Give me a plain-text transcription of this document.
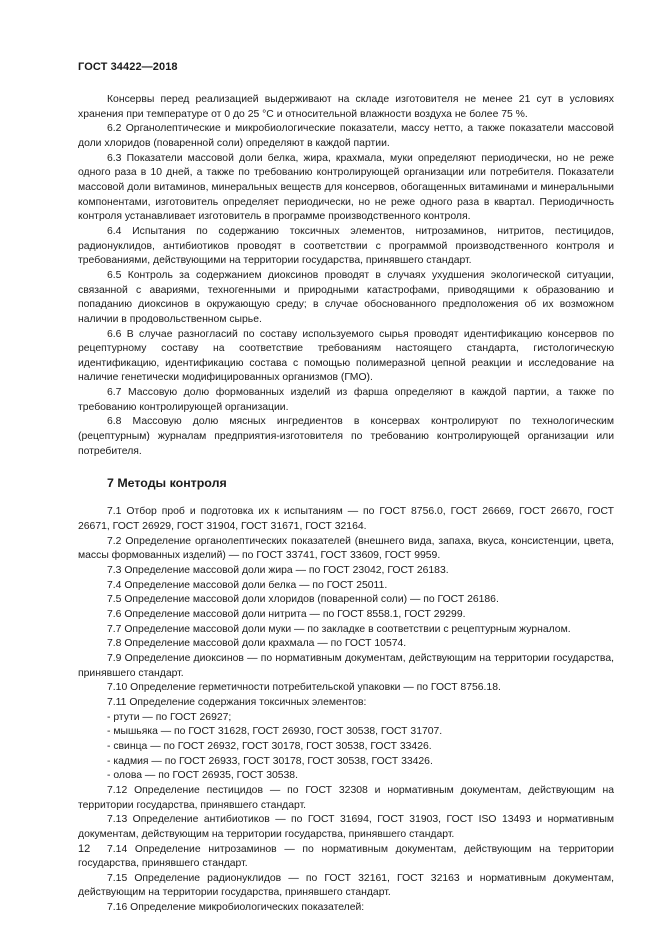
ГОСТ 34422—2018

Консервы перед реализацией выдерживают на складе изготовителя не менее 21 сут в условиях хранения при температуре от 0 до 25 °С и относительной влажности воздуха не более 75 %.

6.2 Органолептические и микробиологические показатели, массу нетто, а также показатели массовой доли хлоридов (поваренной соли) определяют в каждой партии.

6.3 Показатели массовой доли белка, жира, крахмала, муки определяют периодически, но не реже одного раза в 10 дней, а также по требованию контролирующей организации или потребителя. Показатели массовой доли витаминов, минеральных веществ для консервов, обогащенных витаминами и минеральными компонентами, изготовитель определяет периодически, но не реже одного раза в квартал. Периодичность контроля устанавливает изготовитель в программе производственного контроля.

6.4 Испытания по содержанию токсичных элементов, нитрозаминов, нитритов, пестицидов, радионуклидов, антибиотиков проводят в соответствии с программой производственного контроля и требованиями, действующими на территории государства, принявшего стандарт.

6.5 Контроль за содержанием диоксинов проводят в случаях ухудшения экологической ситуации, связанной с авариями, техногенными и природными катастрофами, приводящими к образованию и попаданию диоксинов в окружающую среду; в случае обоснованного предположения об их возможном наличии в продовольственном сырье.

6.6 В случае разногласий по составу используемого сырья проводят идентификацию консервов по рецептурному составу на соответствие требованиям настоящего стандарта, гистологическую идентификацию, идентификацию состава с помощью полимеразной цепной реакции и исследование на наличие генетически модифицированных организмов (ГМО).

6.7 Массовую долю формованных изделий из фарша определяют в каждой партии, а также по требованию контролирующей организации.

6.8 Массовую долю мясных ингредиентов в консервах контролируют по технологическим (рецептурным) журналам предприятия-изготовителя по требованию контролирующей организации или потребителя.

7 Методы контроля

7.1 Отбор проб и подготовка их к испытаниям — по ГОСТ 8756.0, ГОСТ 26669, ГОСТ 26670, ГОСТ 26671, ГОСТ 26929, ГОСТ 31904, ГОСТ 31671, ГОСТ 32164.

7.2 Определение органолептических показателей (внешнего вида, запаха, вкуса, консистенции, цвета, массы формованных изделий) — по ГОСТ 33741, ГОСТ 33609, ГОСТ 9959.

7.3 Определение массовой доли жира — по ГОСТ 23042, ГОСТ 26183.

7.4 Определение массовой доли белка — по ГОСТ 25011.

7.5 Определение массовой доли хлоридов (поваренной соли) — по ГОСТ 26186.

7.6 Определение массовой доли нитрита — по ГОСТ 8558.1, ГОСТ 29299.

7.7 Определение массовой доли муки — по закладке в соответствии с рецептурным журналом.

7.8 Определение массовой доли крахмала — по ГОСТ 10574.

7.9 Определение диоксинов — по нормативным документам, действующим на территории государства, принявшего стандарт.

7.10 Определение герметичности потребительской упаковки — по ГОСТ 8756.18.

7.11 Определение содержания токсичных элементов:

- ртути — по ГОСТ 26927;

- мышьяка — по ГОСТ 31628, ГОСТ 26930, ГОСТ 30538, ГОСТ 31707.

- свинца — по ГОСТ 26932, ГОСТ 30178, ГОСТ 30538, ГОСТ 33426.

- кадмия — по ГОСТ 26933, ГОСТ 30178, ГОСТ 30538, ГОСТ 33426.

- олова — по ГОСТ 26935, ГОСТ 30538.

7.12 Определение пестицидов — по ГОСТ 32308 и нормативным документам, действующим на территории государства, принявшего стандарт.

7.13 Определение антибиотиков — по ГОСТ 31694, ГОСТ 31903, ГОСТ ISO 13493 и нормативным документам, действующим на территории государства, принявшего стандарт.

7.14 Определение нитрозаминов — по нормативным документам, действующим на территории государства, принявшего стандарт.

7.15 Определение радионуклидов — по ГОСТ 32161, ГОСТ 32163 и нормативным документам, действующим на территории государства, принявшего стандарт.

7.16 Определение микробиологических показателей:

12
